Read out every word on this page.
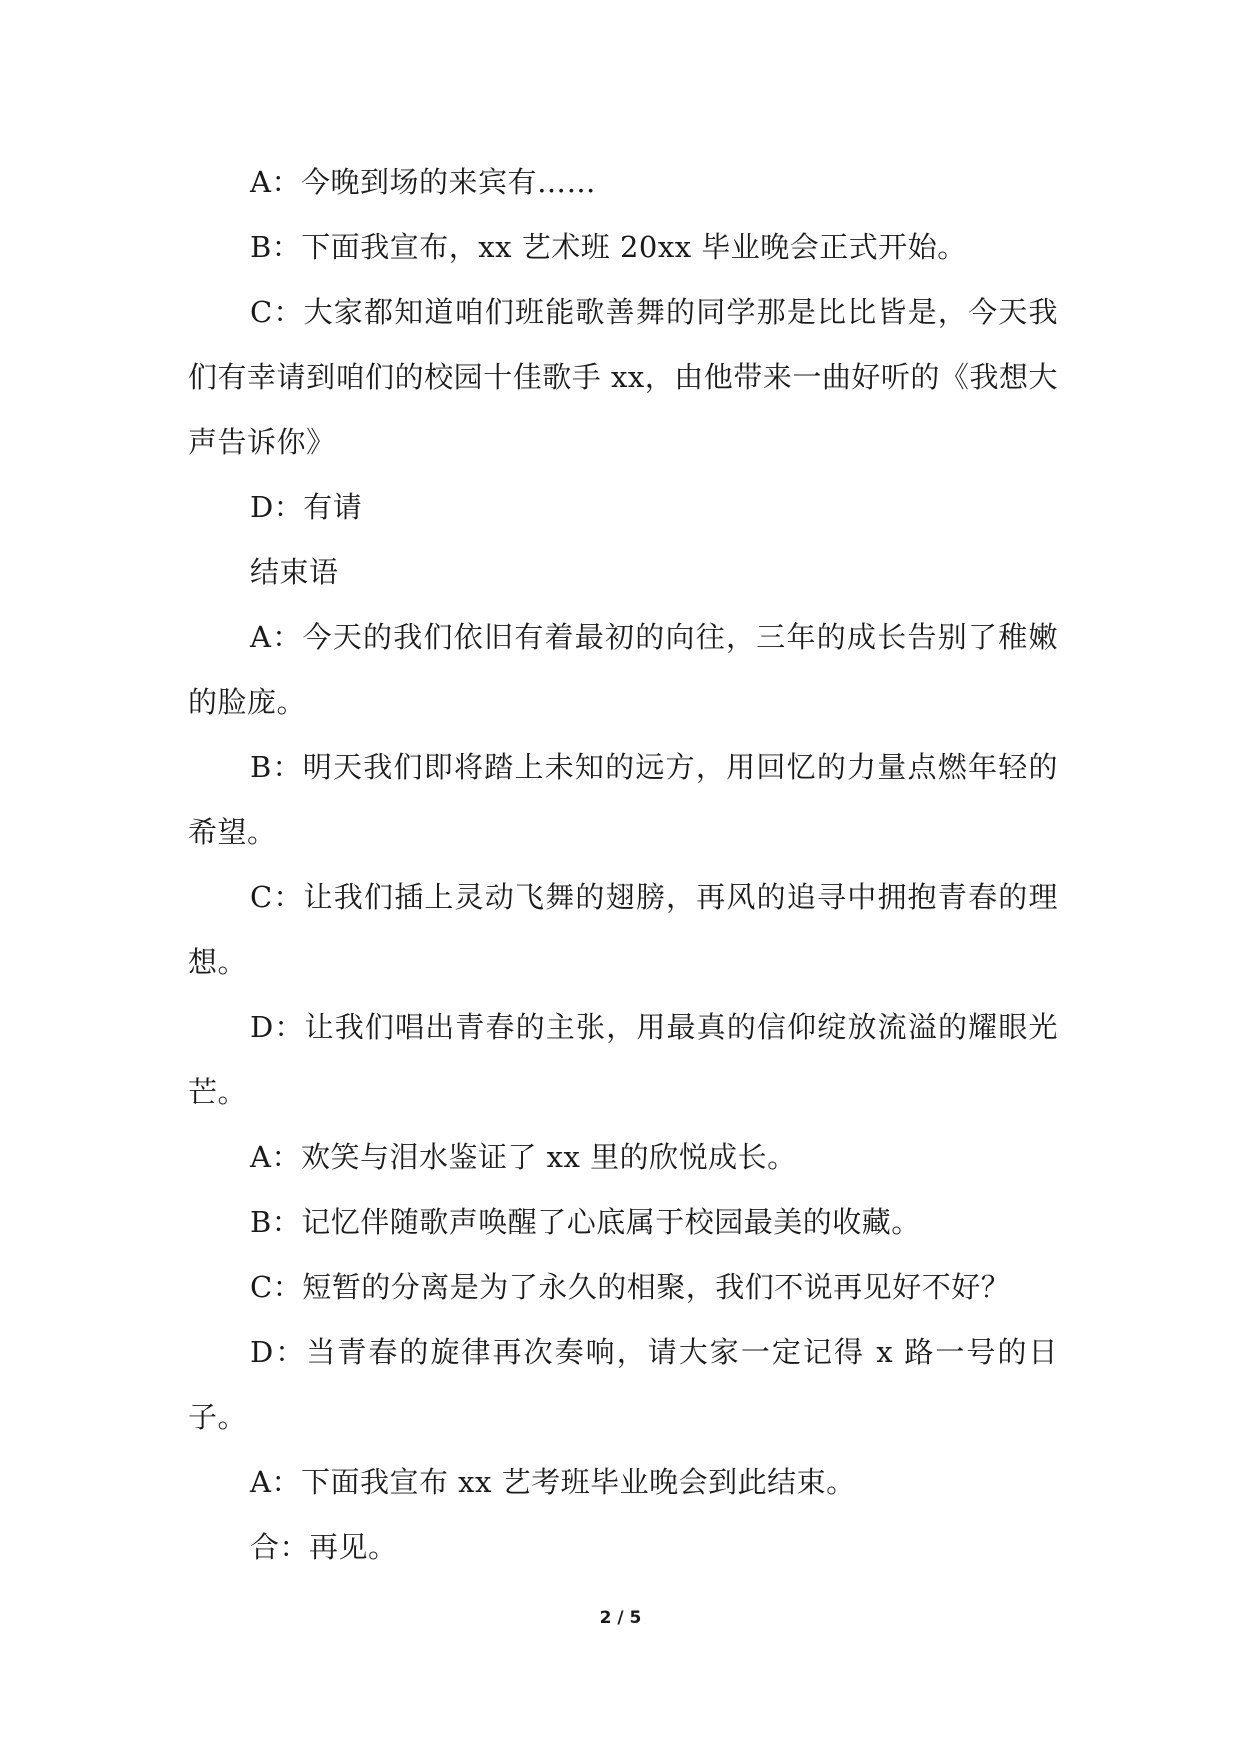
A：今晚到场的来宾有……

B：下面我宣布，xx 艺术班 20xx 毕业晚会正式开始。

C：大家都知道咱们班能歌善舞的同学那是比比皆是，今天我们有幸请到咱们的校园十佳歌手 xx，由他带来一曲好听的《我想大声告诉你》

D：有请

结束语

A：今天的我们依旧有着最初的向往，三年的成长告别了稚嫩的脸庞。

B：明天我们即将踏上未知的远方，用回忆的力量点燃年轻的希望。

C：让我们插上灵动飞舞的翅膀，再风的追寻中拥抱青春的理想。

D：让我们唱出青春的主张，用最真的信仰绽放流溢的耀眼光芒。

A：欢笑与泪水鉴证了 xx 里的欣悦成长。

B：记忆伴随歌声唤醒了心底属于校园最美的收藏。

C：短暂的分离是为了永久的相聚，我们不说再见好不好？

D：当青春的旋律再次奏响，请大家一定记得 x 路一号的日子。

A：下面我宣布 xx 艺考班毕业晚会到此结束。

合：再见。

2 / 5
